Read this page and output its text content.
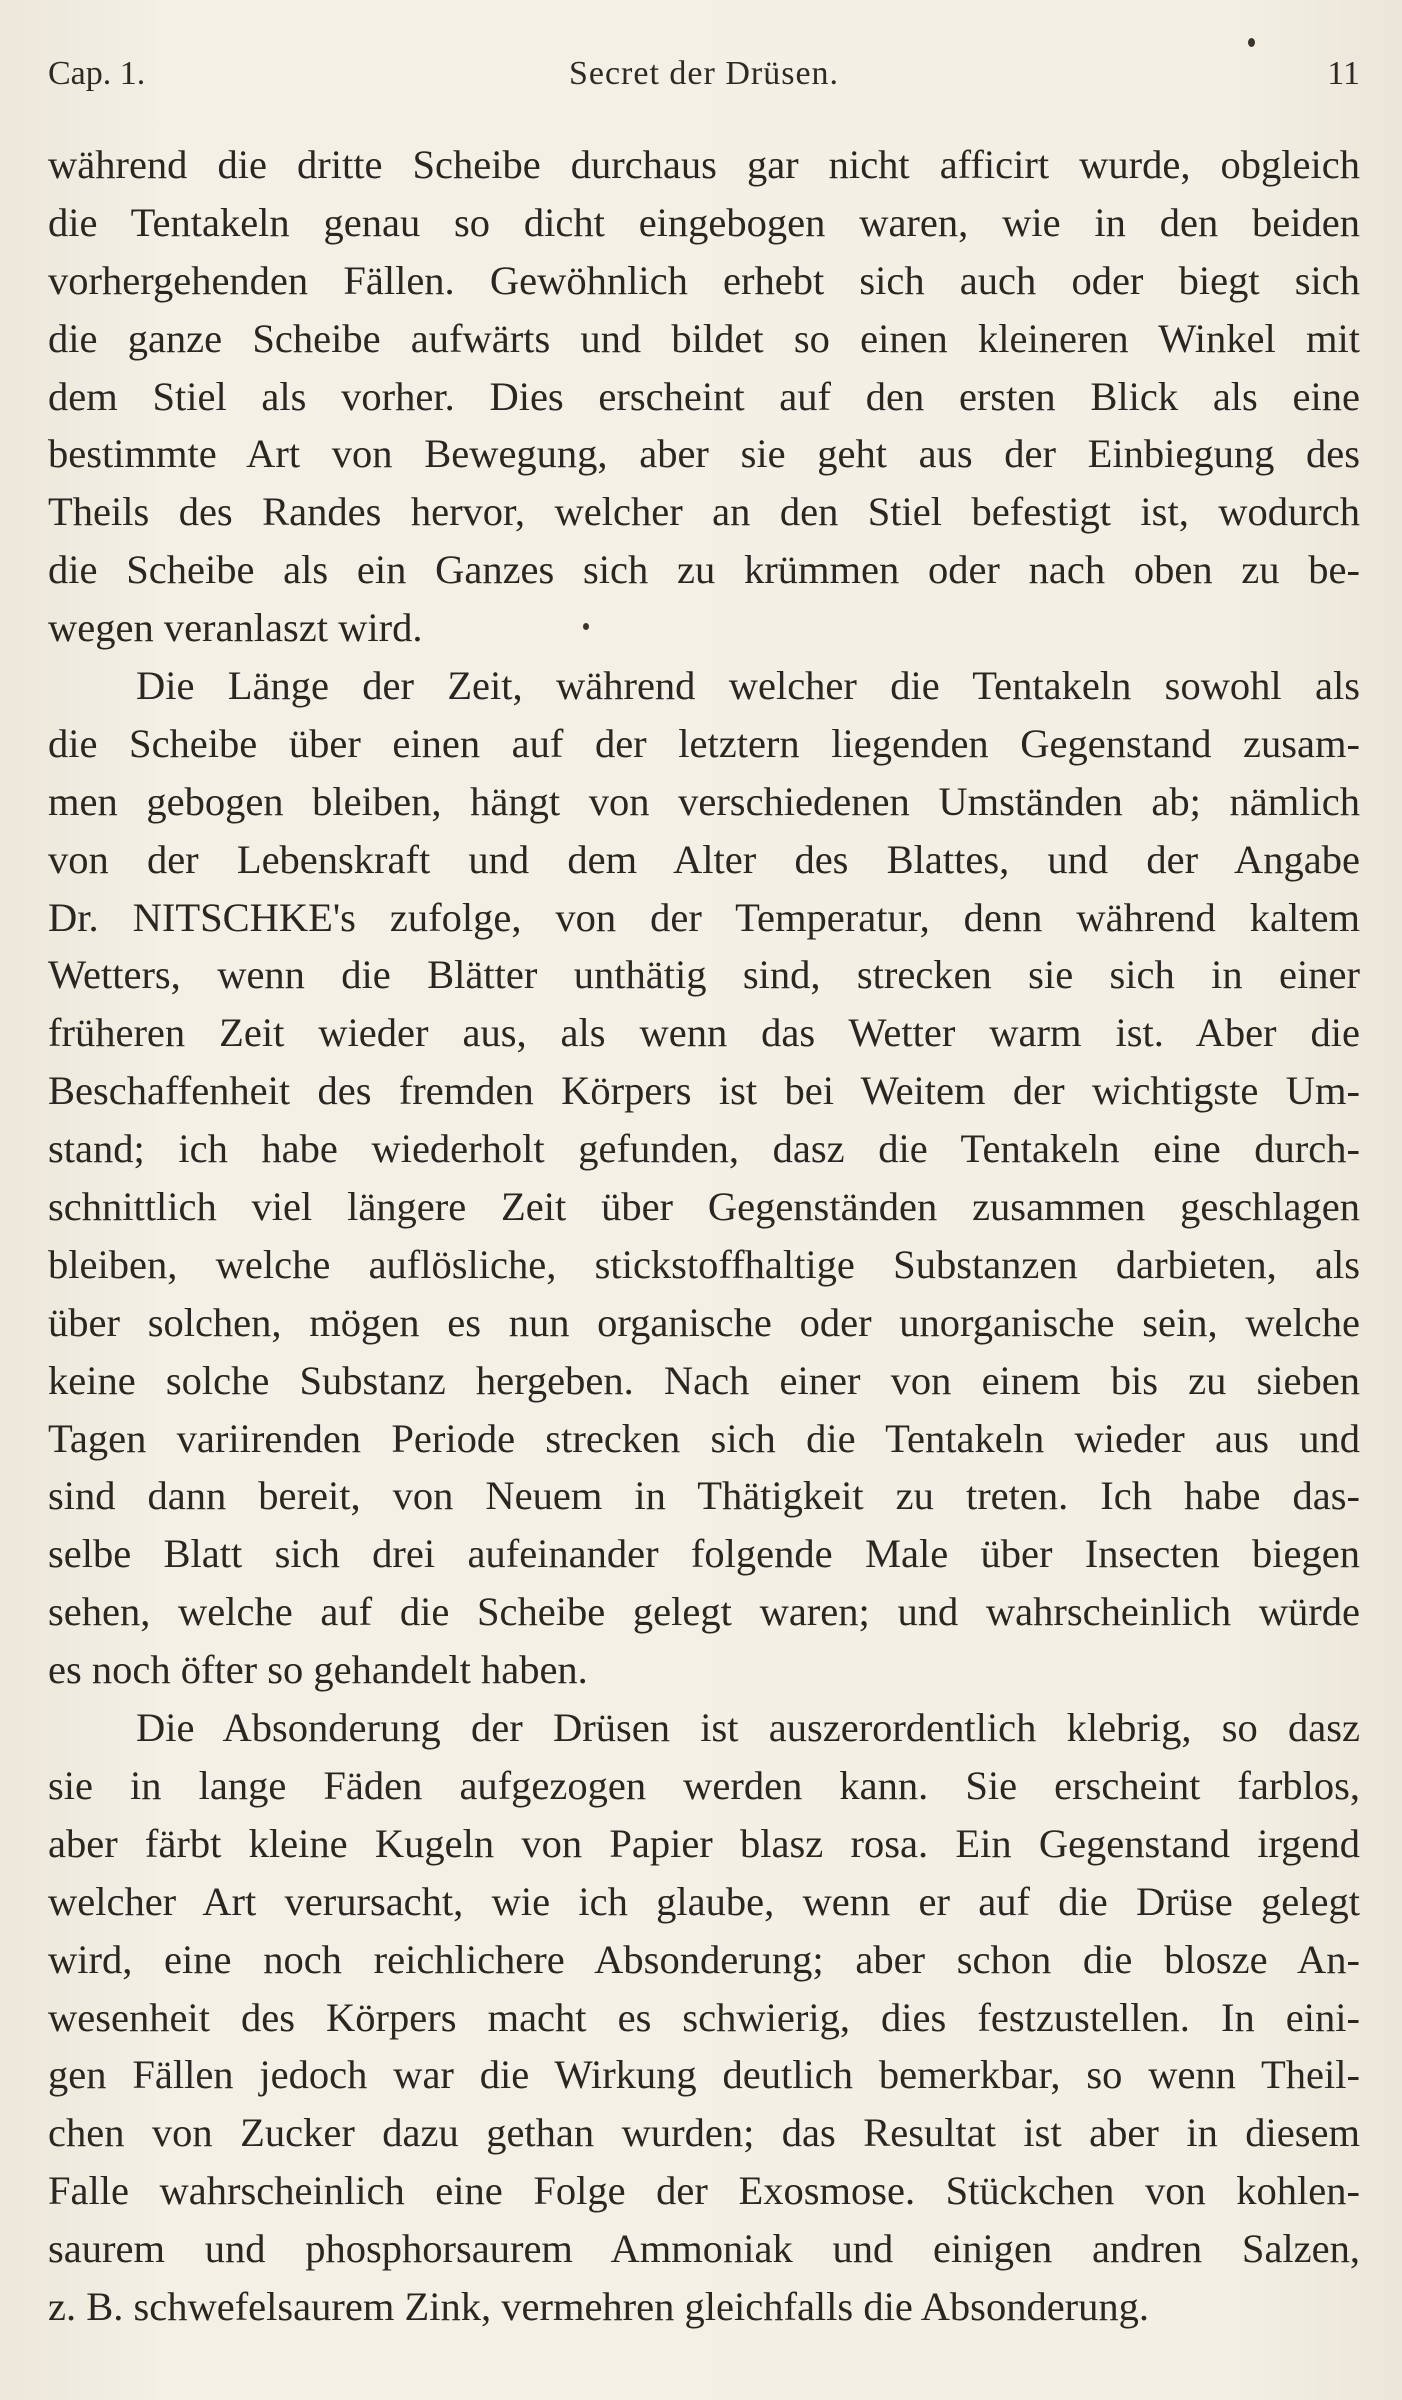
Cap. 1.	Secret der Drüsen.	11
während die dritte Scheibe durchaus gar nicht afficirt wurde, obgleich
die Tentakeln genau so dicht eingebogen waren, wie in den beiden
vorhergehenden Fällen. Gewöhnlich erhebt sich auch oder biegt sich
die ganze Scheibe aufwärts und bildet so einen kleineren Winkel mit
dem Stiel als vorher. Dies erscheint auf den ersten Blick als eine
bestimmte Art von Bewegung, aber sie geht aus der Einbiegung des
Theils des Randes hervor, welcher an den Stiel befestigt ist, wodurch
die Scheibe als ein Ganzes sich zu krümmen oder nach oben zu be-
wegen veranlaszt wird.
Die Länge der Zeit, während welcher die Tentakeln sowohl als
die Scheibe über einen auf der letztern liegenden Gegenstand zusam-
men gebogen bleiben, hängt von verschiedenen Umständen ab; nämlich
von der Lebenskraft und dem Alter des Blattes, und der Angabe
Dr. NITSCHKE's zufolge, von der Temperatur, denn während kaltem
Wetters, wenn die Blätter unthätig sind, strecken sie sich in einer
früheren Zeit wieder aus, als wenn das Wetter warm ist. Aber die
Beschaffenheit des fremden Körpers ist bei Weitem der wichtigste Um-
stand; ich habe wiederholt gefunden, dasz die Tentakeln eine durch-
schnittlich viel längere Zeit über Gegenständen zusammen geschlagen
bleiben, welche auflösliche, stickstoffhaltige Substanzen darbieten, als
über solchen, mögen es nun organische oder unorganische sein, welche
keine solche Substanz hergeben. Nach einer von einem bis zu sieben
Tagen variirenden Periode strecken sich die Tentakeln wieder aus und
sind dann bereit, von Neuem in Thätigkeit zu treten. Ich habe das-
selbe Blatt sich drei aufeinander folgende Male über Insecten biegen
sehen, welche auf die Scheibe gelegt waren; und wahrscheinlich würde
es noch öfter so gehandelt haben.
Die Absonderung der Drüsen ist auszerordentlich klebrig, so dasz
sie in lange Fäden aufgezogen werden kann. Sie erscheint farblos,
aber färbt kleine Kugeln von Papier blasz rosa. Ein Gegenstand irgend
welcher Art verursacht, wie ich glaube, wenn er auf die Drüse gelegt
wird, eine noch reichlichere Absonderung; aber schon die blosze An-
wesenheit des Körpers macht es schwierig, dies festzustellen. In eini-
gen Fällen jedoch war die Wirkung deutlich bemerkbar, so wenn Theil-
chen von Zucker dazu gethan wurden; das Resultat ist aber in diesem
Falle wahrscheinlich eine Folge der Exosmose. Stückchen von kohlen-
saurem und phosphorsaurem Ammoniak und einigen andren Salzen,
z. B. schwefelsaurem Zink, vermehren gleichfalls die Absonderung.
